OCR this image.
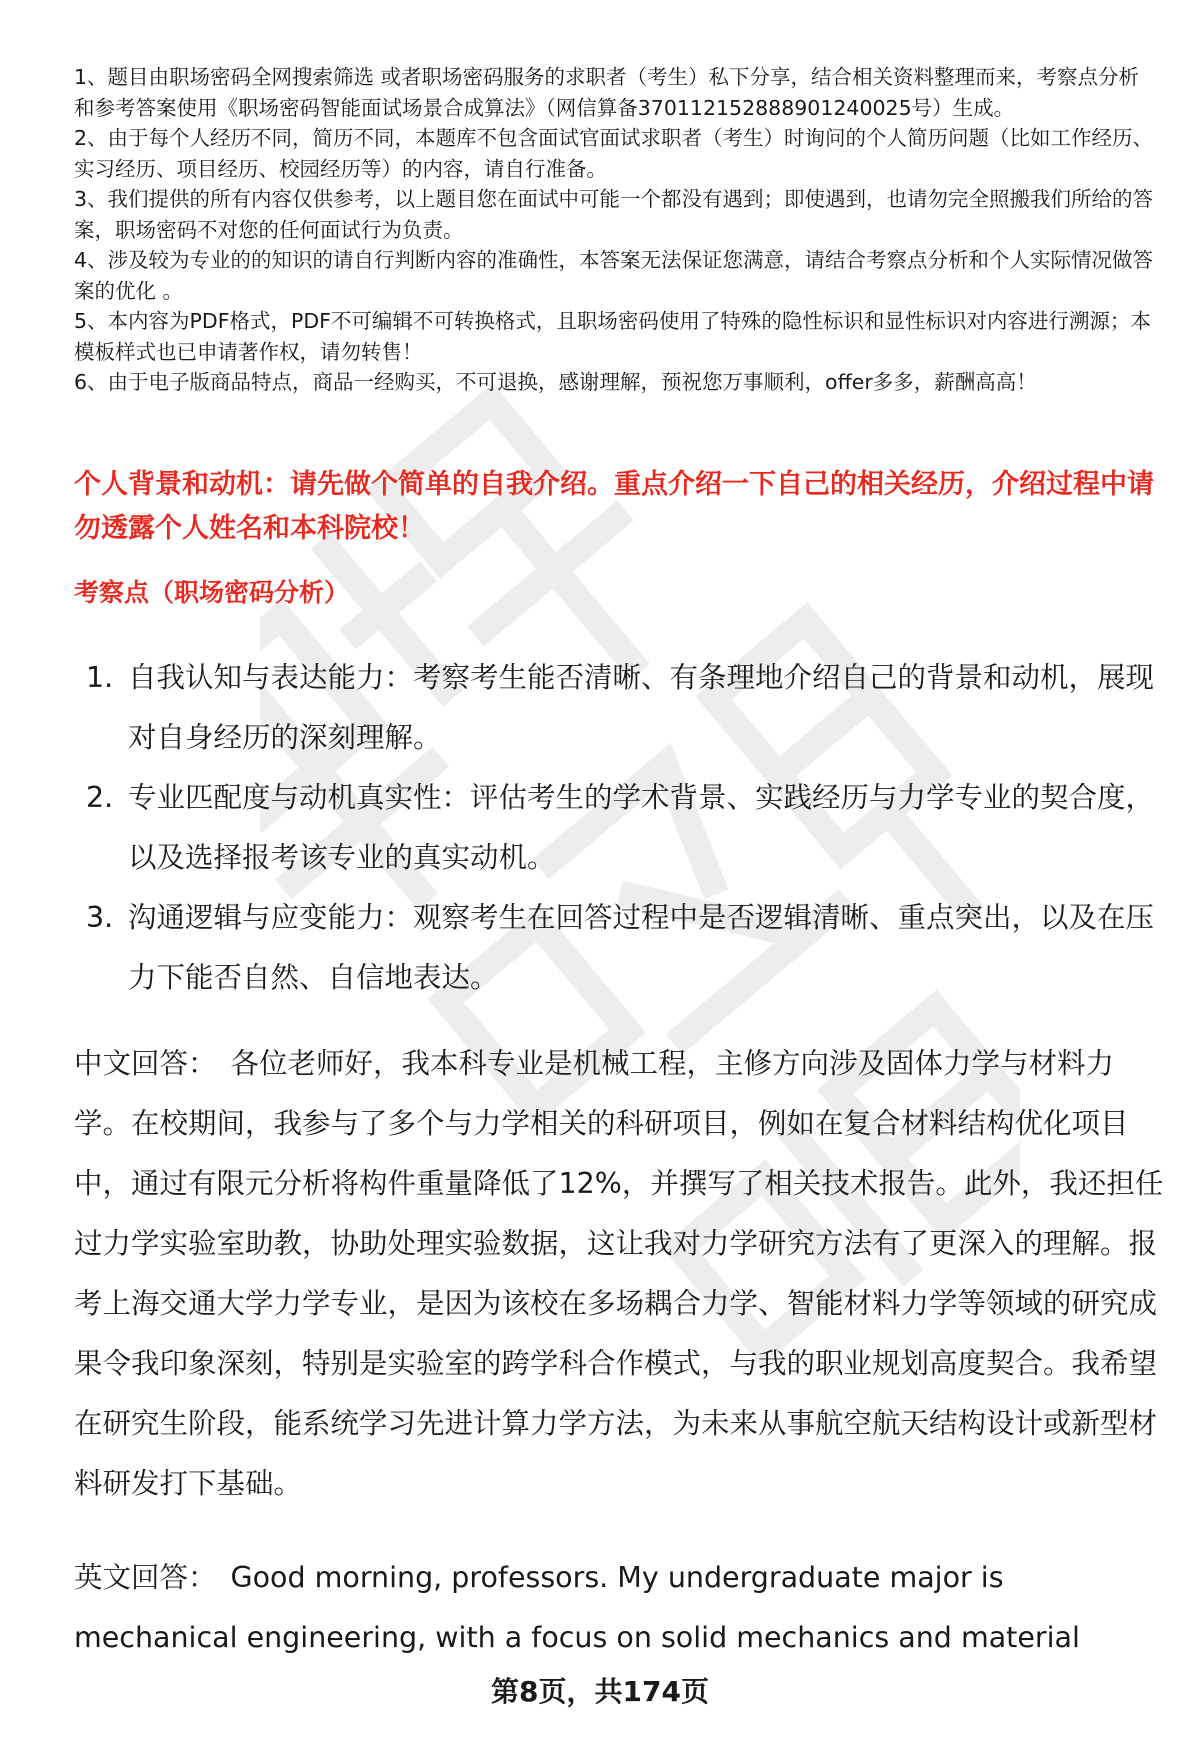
1、题目由职场密码全网搜索筛选 或者职场密码服务的求职者（考生）私下分享，结合相关资料整理而来，考察点分析和参考答案使用《职场密码智能面试场景合成算法》（网信算备370112152888901240025号）生成。

2、由于每个人经历不同，简历不同，本题库不包含面试官面试求职者（考生）时询问的个人简历问题（比如工作经历、实习经历、项目经历、校园经历等）的内容，请自行准备。

3、我们提供的所有内容仅供参考，以上题目您在面试中可能一个都没有遇到；即使遇到，也请勿完全照搬我们所给的答案，职场密码不对您的任何面试行为负责。

4、涉及较为专业的的知识的请自行判断内容的准确性，本答案无法保证您满意，请结合考察点分析和个人实际情况做答案的优化 。

5、本内容为PDF格式，PDF不可编辑不可转换格式，且职场密码使用了特殊的隐性标识和显性标识对内容进行溯源；本模板样式也已申请著作权，请勿转售！

6、由于电子版商品特点，商品一经购买，不可退换，感谢理解，预祝您万事顺利，offer多多，薪酬高高！

个人背景和动机：请先做个简单的自我介绍。重点介绍一下自己的相关经历，介绍过程中请勿透露个人姓名和本科院校！
考察点（职场密码分析）
1. 自我认知与表达能力：考察考生能否清晰、有条理地介绍自己的背景和动机，展现对自身经历的深刻理解。
2. 专业匹配度与动机真实性：评估考生的学术背景、实践经历与力学专业的契合度，以及选择报考该专业的真实动机。
3. 沟通逻辑与应变能力：观察考生在回答过程中是否逻辑清晰、重点突出，以及在压力下能否自然、自信地表达。

中文回答： 各位老师好，我本科专业是机械工程，主修方向涉及固体力学与材料力学。在校期间，我参与了多个与力学相关的科研项目，例如在复合材料结构优化项目中，通过有限元分析将构件重量降低了12%，并撰写了相关技术报告。此外，我还担任过力学实验室助教，协助处理实验数据，这让我对力学研究方法有了更深入的理解。报考上海交通大学力学专业，是因为该校在多场耦合力学、智能材料力学等领域的研究成果令我印象深刻，特别是实验室的跨学科合作模式，与我的职业规划高度契合。我希望在研究生阶段，能系统学习先进计算力学方法，为未来从事航空航天结构设计或新型材料研发打下基础。

英文回答： Good morning, professors. My undergraduate major is mechanical engineering, with a focus on solid mechanics and material

第8页，共174页
